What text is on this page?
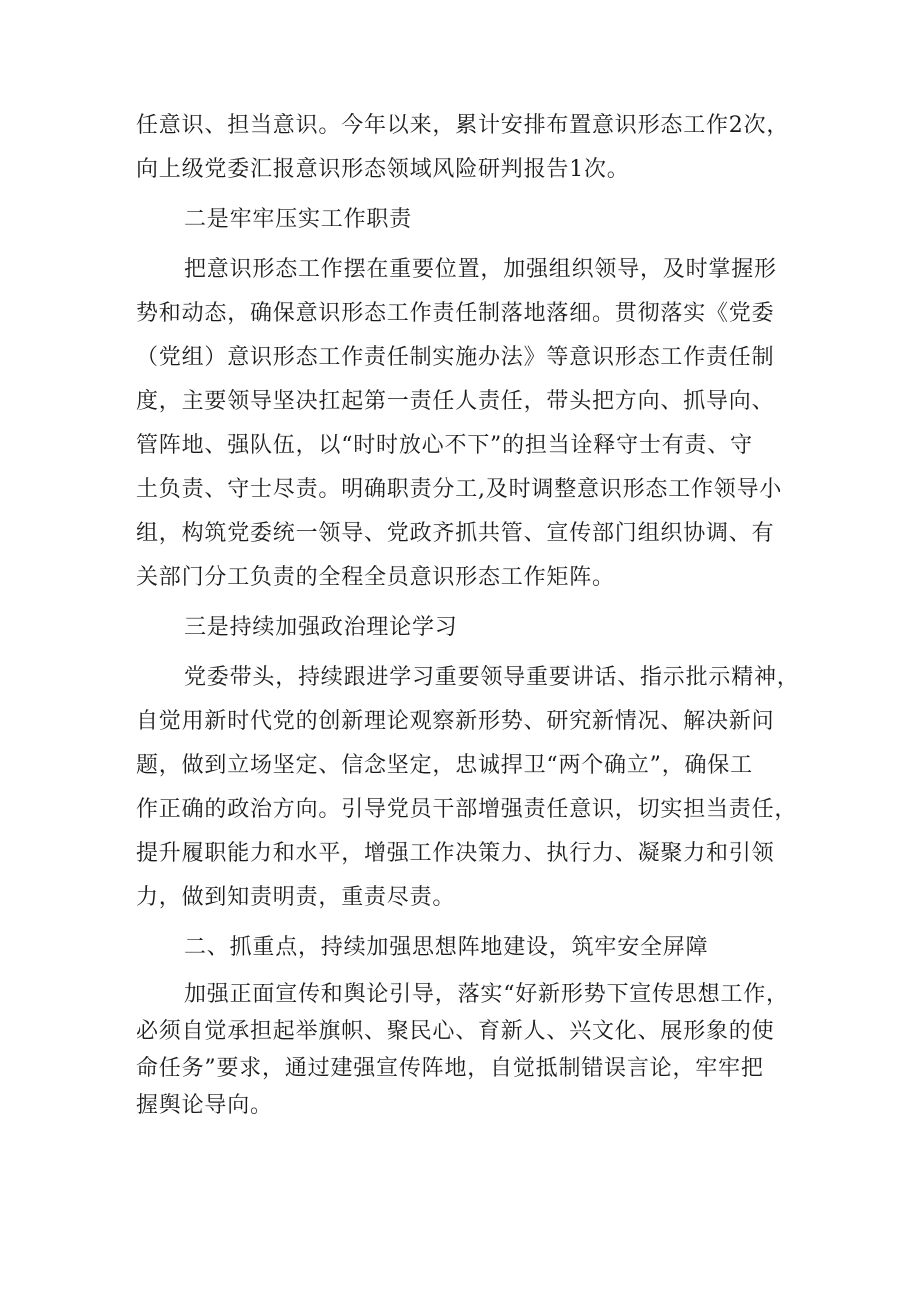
任意识、担当意识。今年以来，累计安排布置意识形态工作2次，
向上级党委汇报意识形态领域风险研判报告1次。

二是牢牢压实工作职责

把意识形态工作摆在重要位置，加强组织领导，及时掌握形
势和动态，确保意识形态工作责任制落地落细。贯彻落实《党委
（党组）意识形态工作责任制实施办法》等意识形态工作责任制
度，主要领导坚决扛起第一责任人责任，带头把方向、抓导向、
管阵地、强队伍，以“时时放心不下”的担当诠释守士有责、守
土负责、守士尽责。明确职责分工,及时调整意识形态工作领导小
组，构筑党委统一领导、党政齐抓共管、宣传部门组织协调、有
关部门分工负责的全程全员意识形态工作矩阵。

三是持续加强政治理论学习

党委带头，持续跟进学习重要领导重要讲话、指示批示精神，
自觉用新时代党的创新理论观察新形势、研究新情况、解决新问
题，做到立场坚定、信念坚定，忠诚捍卫“两个确立”，确保工
作正确的政治方向。引导党员干部增强责任意识，切实担当责任，
提升履职能力和水平，增强工作决策力、执行力、凝聚力和引领
力，做到知责明责，重责尽责。

二、抓重点，持续加强思想阵地建设，筑牢安全屏障

加强正面宣传和舆论引导，落实“好新形势下宣传思想工作，
必须自觉承担起举旗帜、聚民心、育新人、兴文化、展形象的使
命任务”要求，通过建强宣传阵地，自觉抵制错误言论，牢牢把
握舆论导向。
